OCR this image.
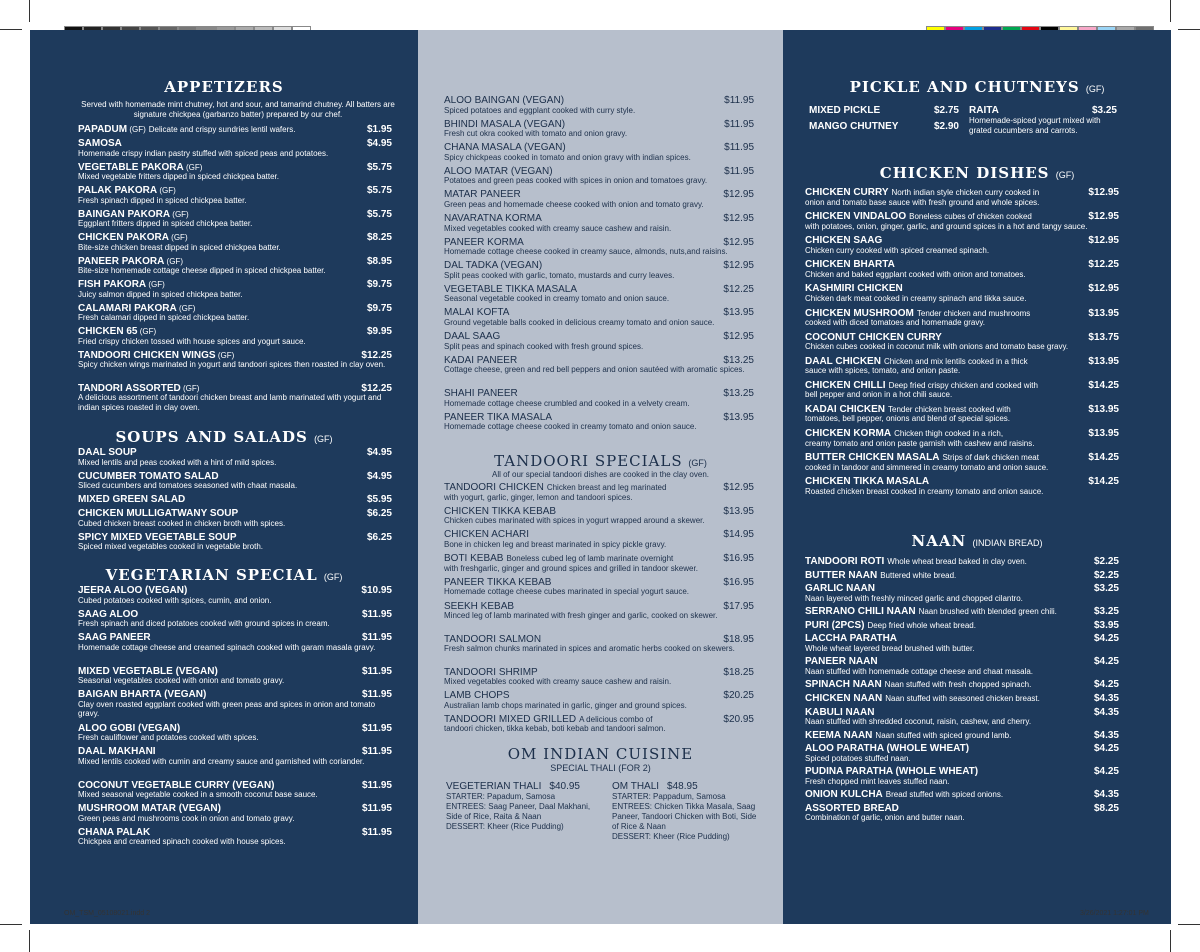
APPETIZERS

Served with homemade mint chutney, hot and sour, and tamarind chutney. All batters are signature chickpea (garbanzo batter) prepared by our chef.

PAPADUM (GF) Delicate and crispy sundries lentil wafers.	$1.95
SAMOSA	$4.95
Homemade crispy indian pastry stuffed with spiced peas and potatoes.
VEGETABLE PAKORA (GF)	$5.75
Mixed vegetable fritters dipped in spiced chickpea batter.
PALAK PAKORA (GF)	$5.75
Fresh spinach dipped in spiced chickpea batter.
BAINGAN PAKORA (GF)	$5.75
Eggplant fritters dipped in spiced chickpea batter.
CHICKEN PAKORA (GF)	$8.25
Bite-size chicken breast dipped in spiced chickpea batter.
PANEER PAKORA (GF)	$8.95
Bite-size homemade cottage cheese dipped in spiced chickpea batter.
FISH PAKORA (GF)	$9.75
Juicy salmon dipped in spiced chickpea batter.
CALAMARI PAKORA (GF)	$9.75
Fresh calamari dipped in spiced chickpea batter.
CHICKEN 65 (GF)	$9.95
Fried crispy chicken tossed with house spices and yogurt sauce.
TANDOORI CHICKEN WINGS (GF)	$12.25
Spicy chicken wings marinated in yogurt and tandoori spices then roasted in clay oven.
TANDORI ASSORTED (GF)	$12.25
A delicious assortment of tandoori chicken breast and lamb marinated with yogurt and indian spices roasted in clay oven.
SOUPS AND SALADS (GF)
DAAL SOUP	$4.95
Mixed lentils and peas cooked with a hint of mild spices.
CUCUMBER TOMATO SALAD	$4.95
Sliced cucumbers and tomatoes seasoned with chaat masala.
MIXED GREEN SALAD	$5.95
CHICKEN MULLIGATWANY SOUP	$6.25
Cubed chicken breast cooked in chicken broth with spices.
SPICY MIXED VEGETABLE SOUP	$6.25
Spiced mixed vegetables cooked in vegetable broth.
VEGETARIAN SPECIAL (GF)
JEERA ALOO (VEGAN)	$10.95
Cubed potatoes cooked with spices, cumin, and onion.
SAAG ALOO	$11.95
Fresh spinach and diced potatoes cooked with ground spices in cream.
SAAG PANEER	$11.95
Homemade cottage cheese and creamed spinach cooked with garam masala gravy.
MIXED VEGETABLE (VEGAN)	$11.95
Seasonal vegetables cooked with onion and tomato gravy.
BAIGAN BHARTA (VEGAN)	$11.95
Clay oven roasted eggplant cooked with green peas and spices in onion and tomato gravy.
ALOO GOBI (VEGAN)	$11.95
Fresh cauliflower and potatoes cooked with spices.
DAAL MAKHANI	$11.95
Mixed lentils cooked with cumin and creamy sauce and garnished with coriander.
COCONUT VEGETABLE CURRY (VEGAN)	$11.95
Mixed seasonal vegetable cooked in a smooth coconut base sauce.
MUSHROOM MATAR (VEGAN)	$11.95
Green peas and mushrooms cook in onion and tomato gravy.
CHANA PALAK	$11.95
Chickpea and creamed spinach cooked with house spices.
ALOO BAINGAN (VEGAN)	$11.95
Spiced potatoes and eggplant cooked with curry style.
BHINDI MASALA (VEGAN)	$11.95
Fresh cut okra cooked with tomato and onion gravy.
CHANA MASALA (VEGAN)	$11.95
Spicy chickpeas cooked in tomato and onion gravy with indian spices.
ALOO MATAR (VEGAN)	$11.95
Potatoes and green peas cooked with spices in onion and tomatoes gravy.
MATAR PANEER	$12.95
Green peas and homemade cheese cooked with onion and tomato gravy.
NAVARATNA KORMA	$12.95
Mixed vegetables cooked with creamy sauce cashew and raisin.
PANEER KORMA	$12.95
Homemade cottage cheese cooked in creamy sauce, almonds, nuts,and raisins.
DAL TADKA (VEGAN)	$12.95
Split peas cooked with garlic, tomato, mustards and curry leaves.
VEGETABLE TIKKA MASALA	$12.25
Seasonal vegetable cooked in creamy tomato and onion sauce.
MALAI KOFTA	$13.95
Ground vegetable balls cooked in delicious creamy tomato and onion sauce.
DAAL SAAG	$12.95
Split peas and spinach cooked with fresh ground spices.
KADAI PANEER	$13.25
Cottage cheese, green and red bell peppers and onion sautéed with aromatic spices.
SHAHI PANEER	$13.25
Homemade cottage cheese crumbled and cooked in a velvety cream.
PANEER TIKA MASALA	$13.95
Homemade cottage cheese cooked in creamy tomato and onion sauce.
TANDOORI SPECIALS (GF)

All of our special tandoori dishes are cooked in the clay oven.

TANDOORI CHICKEN Chicken breast and leg marinated	$12.95
with yogurt, garlic, ginger, lemon and tandoori spices.
CHICKEN TIKKA KEBAB	$13.95
Chicken cubes marinated with spices in yogurt wrapped around a skewer.
CHICKEN ACHARI	$14.95
Bone in chicken leg and breast marinated in spicy pickle gravy.
BOTI KEBAB Boneless cubed leg of lamb marinate overnight	$16.95
with freshgarlic, ginger and ground spices and grilled in tandoor skewer.
PANEER TIKKA KEBAB	$16.95
Homemade cottage cheese cubes marinated in special yogurt sauce.
SEEKH KEBAB	$17.95
Minced leg of lamb marinated with fresh ginger and garlic, cooked on skewer.
TANDOORI SALMON	$18.95
Fresh salmon chunks marinated in spices and aromatic herbs cooked on skewers.
TANDOORI SHRIMP	$18.25
Mixed vegetables cooked with creamy sauce cashew and raisin.
LAMB CHOPS	$20.25
Australian lamb chops marinated in garlic, ginger and ground spices.
TANDOORI MIXED GRILLED A delicious combo of	$20.95
tandoori chicken, tikka kebab, boti kebab and tandoori salmon.
OM INDIAN CUISINE

SPECIAL THALI (FOR 2)

VEGETERIAN THALI $40.95
STARTER: Papadum, Samosa
ENTREES: Saag Paneer, Daal Makhani, Side of Rice, Raita & Naan
DESSERT: Kheer (Rice Pudding)
OM THALI $48.95
STARTER: Pappadum, Samosa
ENTREES: Chicken Tikka Masala, Saag Paneer, Tandoori Chicken with Boti, Side of Rice & Naan
DESSERT: Kheer (Rice Pudding)
PICKLE AND CHUTNEYS (GF)
MIXED PICKLE	$2.75
MANGO CHUTNEY	$2.90
RAITA	$3.25
Homemade-spiced yogurt mixed with grated cucumbers and carrots.
CHICKEN DISHES (GF)
CHICKEN CURRY North indian style chicken curry cooked in	$12.95
onion and tomato base sauce with fresh ground and whole spices.
CHICKEN VINDALOO Boneless cubes of chicken cooked	$12.95
with potatoes, onion, ginger, garlic, and ground spices in a hot and tangy sauce.
CHICKEN SAAG	$12.95
Chicken curry cooked with spiced creamed spinach.
CHICKEN BHARTA	$12.25
Chicken and baked eggplant cooked with onion and tomatoes.
KASHMIRI CHICKEN	$12.95
Chicken dark meat cooked in creamy spinach and tikka sauce.
CHICKEN MUSHROOM Tender chicken and mushrooms	$13.95
cooked with diced tomatoes and homemade gravy.
COCONUT CHICKEN CURRY	$13.75
Chicken cubes cooked in coconut milk with onions and tomato base gravy.
DAAL CHICKEN Chicken and mix lentils cooked in a thick	$13.95
sauce with spices, tomato, and onion paste.
CHICKEN CHILLI Deep fried crispy chicken and cooked with	$14.25
bell pepper and onion in a hot chili sauce.
KADAI CHICKEN Tender chicken breast cooked with	$13.95
tomatoes, bell pepper, onions and blend of special spices.
CHICKEN KORMA Chicken thigh cooked in a rich,	$13.95
creamy tomato and onion paste garnish with cashew and raisins.
BUTTER CHICKEN MASALA Strips of dark chicken meat	$14.25
cooked in tandoor and simmered in creamy tomato and onion sauce.
CHICKEN TIKKA MASALA	$14.25
Roasted chicken breast cooked in creamy tomato and onion sauce.
NAAN (INDIAN BREAD)
TANDOORI ROTI Whole wheat bread baked in clay oven.	$2.25
BUTTER NAAN Buttered white bread.	$2.25
GARLIC NAAN	$3.25
Naan layered with freshly minced garlic and chopped cilantro.
SERRANO CHILI NAAN Naan brushed with blended green chili.	$3.25
PURI (2PCS) Deep fried whole wheat bread.	$3.95
LACCHA PARATHA	$4.25
Whole wheat layered bread brushed with butter.
PANEER NAAN	$4.25
Naan stuffed with homemade cottage cheese and chaat masala.
SPINACH NAAN Naan stuffed with fresh chopped spinach.	$4.25
CHICKEN NAAN Naan stuffed with seasoned chicken breast.	$4.35
KABULI NAAN	$4.35
Naan stuffed with shredded coconut, raisin, cashew, and cherry.
KEEMA NAAN Naan stuffed with spiced ground lamb.	$4.35
ALOO PARATHA (WHOLE WHEAT)	$4.25
Spiced potatoes stuffed naan.
PUDINA PARATHA (WHOLE WHEAT)	$4.25
Fresh chopped mint leaves stuffed naan.
ONION KULCHA Bread stuffed with spiced onions.	$4.35
ASSORTED BREAD	$8.25
Combination of garlic, onion and butter naan.
OM_TSM_05108021.indd 2	3/26/2021 1:27:01 PM
